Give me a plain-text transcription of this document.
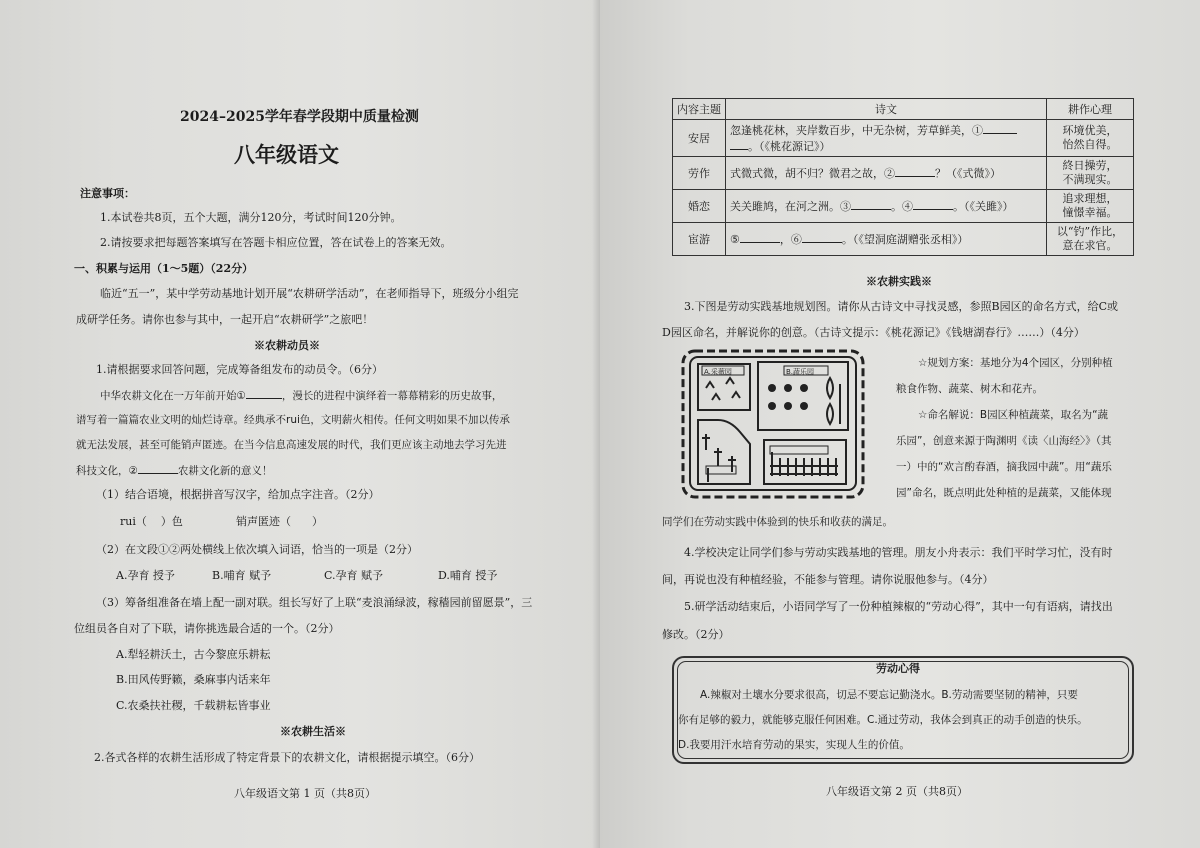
2024–2025学年春学段期中质量检测
八年级语文
注意事项：
1.本试卷共8页，五个大题，满分120分，考试时间120分钟。
2.请按要求把每题答案填写在答题卡相应位置，答在试卷上的答案无效。
一、积累与运用（1～5题）（22分）
临近“五一”，某中学劳动基地计划开展“农耕研学活动”，在老师指导下，班级分小组完
成研学任务。请你也参与其中，一起开启“农耕研学”之旅吧！
※农耕动员※
1.请根据要求回答问题，完成筹备组发布的动员令。（6分）
中华农耕文化在一万年前开始①	，漫长的进程中演绎着一幕幕精彩的历史故事，
谱写着一篇篇农业文明的灿烂诗章。经典承不rui色，文明薪火相传。任何文明如果不加以传承
就无法发展，甚至可能销声匿迹。在当今信息高速发展的时代，我们更应该主动地去学习先进
科技文化，②	农耕文化新的意义！
（1）结合语境，根据拼音写汉字，给加点字注音。（2分）
rui（ ）色	销声匿迹（ ）
（2）在文段①②两处横线上依次填入词语，恰当的一项是（2分）
A.孕育 授予	B.哺育 赋予	C.孕育 赋予	D.哺育 授予
（3）筹备组准备在墙上配一副对联。组长写好了上联“麦浪涌绿波，稼穑园前留愿景”，三
位组员各自对了下联，请你挑选最合适的一个。（2分）
A.犁轻耕沃土，古今黎庶乐耕耘
B.田风传野籁，桑麻事内话来年
C.农桑扶社稷，千载耕耘皆事业
※农耕生活※
2.各式各样的农耕生活形成了特定背景下的农耕文化，请根据提示填空。（6分）
八年级语文第 1 页（共8页）
内容主题	诗文	耕作心理
安居	忽逢桃花林，夹岸数百步，中无杂树，芳草鲜美，①
。（《桃花源记》）	环境优美，
怡然自得。
劳作	式微式微，胡不归？微君之故，② ？（《式微》）	終日操劳，
不满现实。
婚恋	关关雎鸠，在河之洲。③ 。④ 。（《关雎》）	追求理想，
憧憬幸福。
宦游	⑤ ，⑥ 。（《望洞庭湖赠张丞相》）	以“钓”作比，
意在求官。
※农耕实践※
3.下图是劳动实践基地规划图。请你从古诗文中寻找灵感，参照B园区的命名方式，给C或
D园区命名，并解说你的创意。（古诗文提示：《桃花源记》《钱塘湖春行》……）（4分）
A.采薇园	B.蔬乐园
☆规划方案：基地分为4个园区，分别种植
粮食作物、蔬菜、树木和花卉。
☆命名解说：B园区种植蔬菜，取名为“蔬
乐园”，创意来源于陶渊明《读〈山海经〉》（其
一）中的“欢言酌春酒，摘我园中蔬”。用“蔬乐
园”命名，既点明此处种植的是蔬菜，又能体现
同学们在劳动实践中体验到的快乐和收获的满足。
4.学校决定让同学们参与劳动实践基地的管理。朋友小舟表示：我们平时学习忙，没有时
间，再说也没有种植经验，不能参与管理。请你说服他参与。（4分）
5.研学活动结束后，小语同学写了一份种植辣椒的“劳动心得”，其中一句有语病，请找出
修改。（2分）
劳动心得
A.辣椒对土壤水分要求很高，切忌不要忘记勤浇水。B.劳动需要坚韧的精神，只要
你有足够的毅力，就能够克服任何困难。C.通过劳动，我体会到真正的动手创造的快乐。
D.我要用汗水培育劳动的果实，实现人生的价值。
八年级语文第 2 页（共8页）
